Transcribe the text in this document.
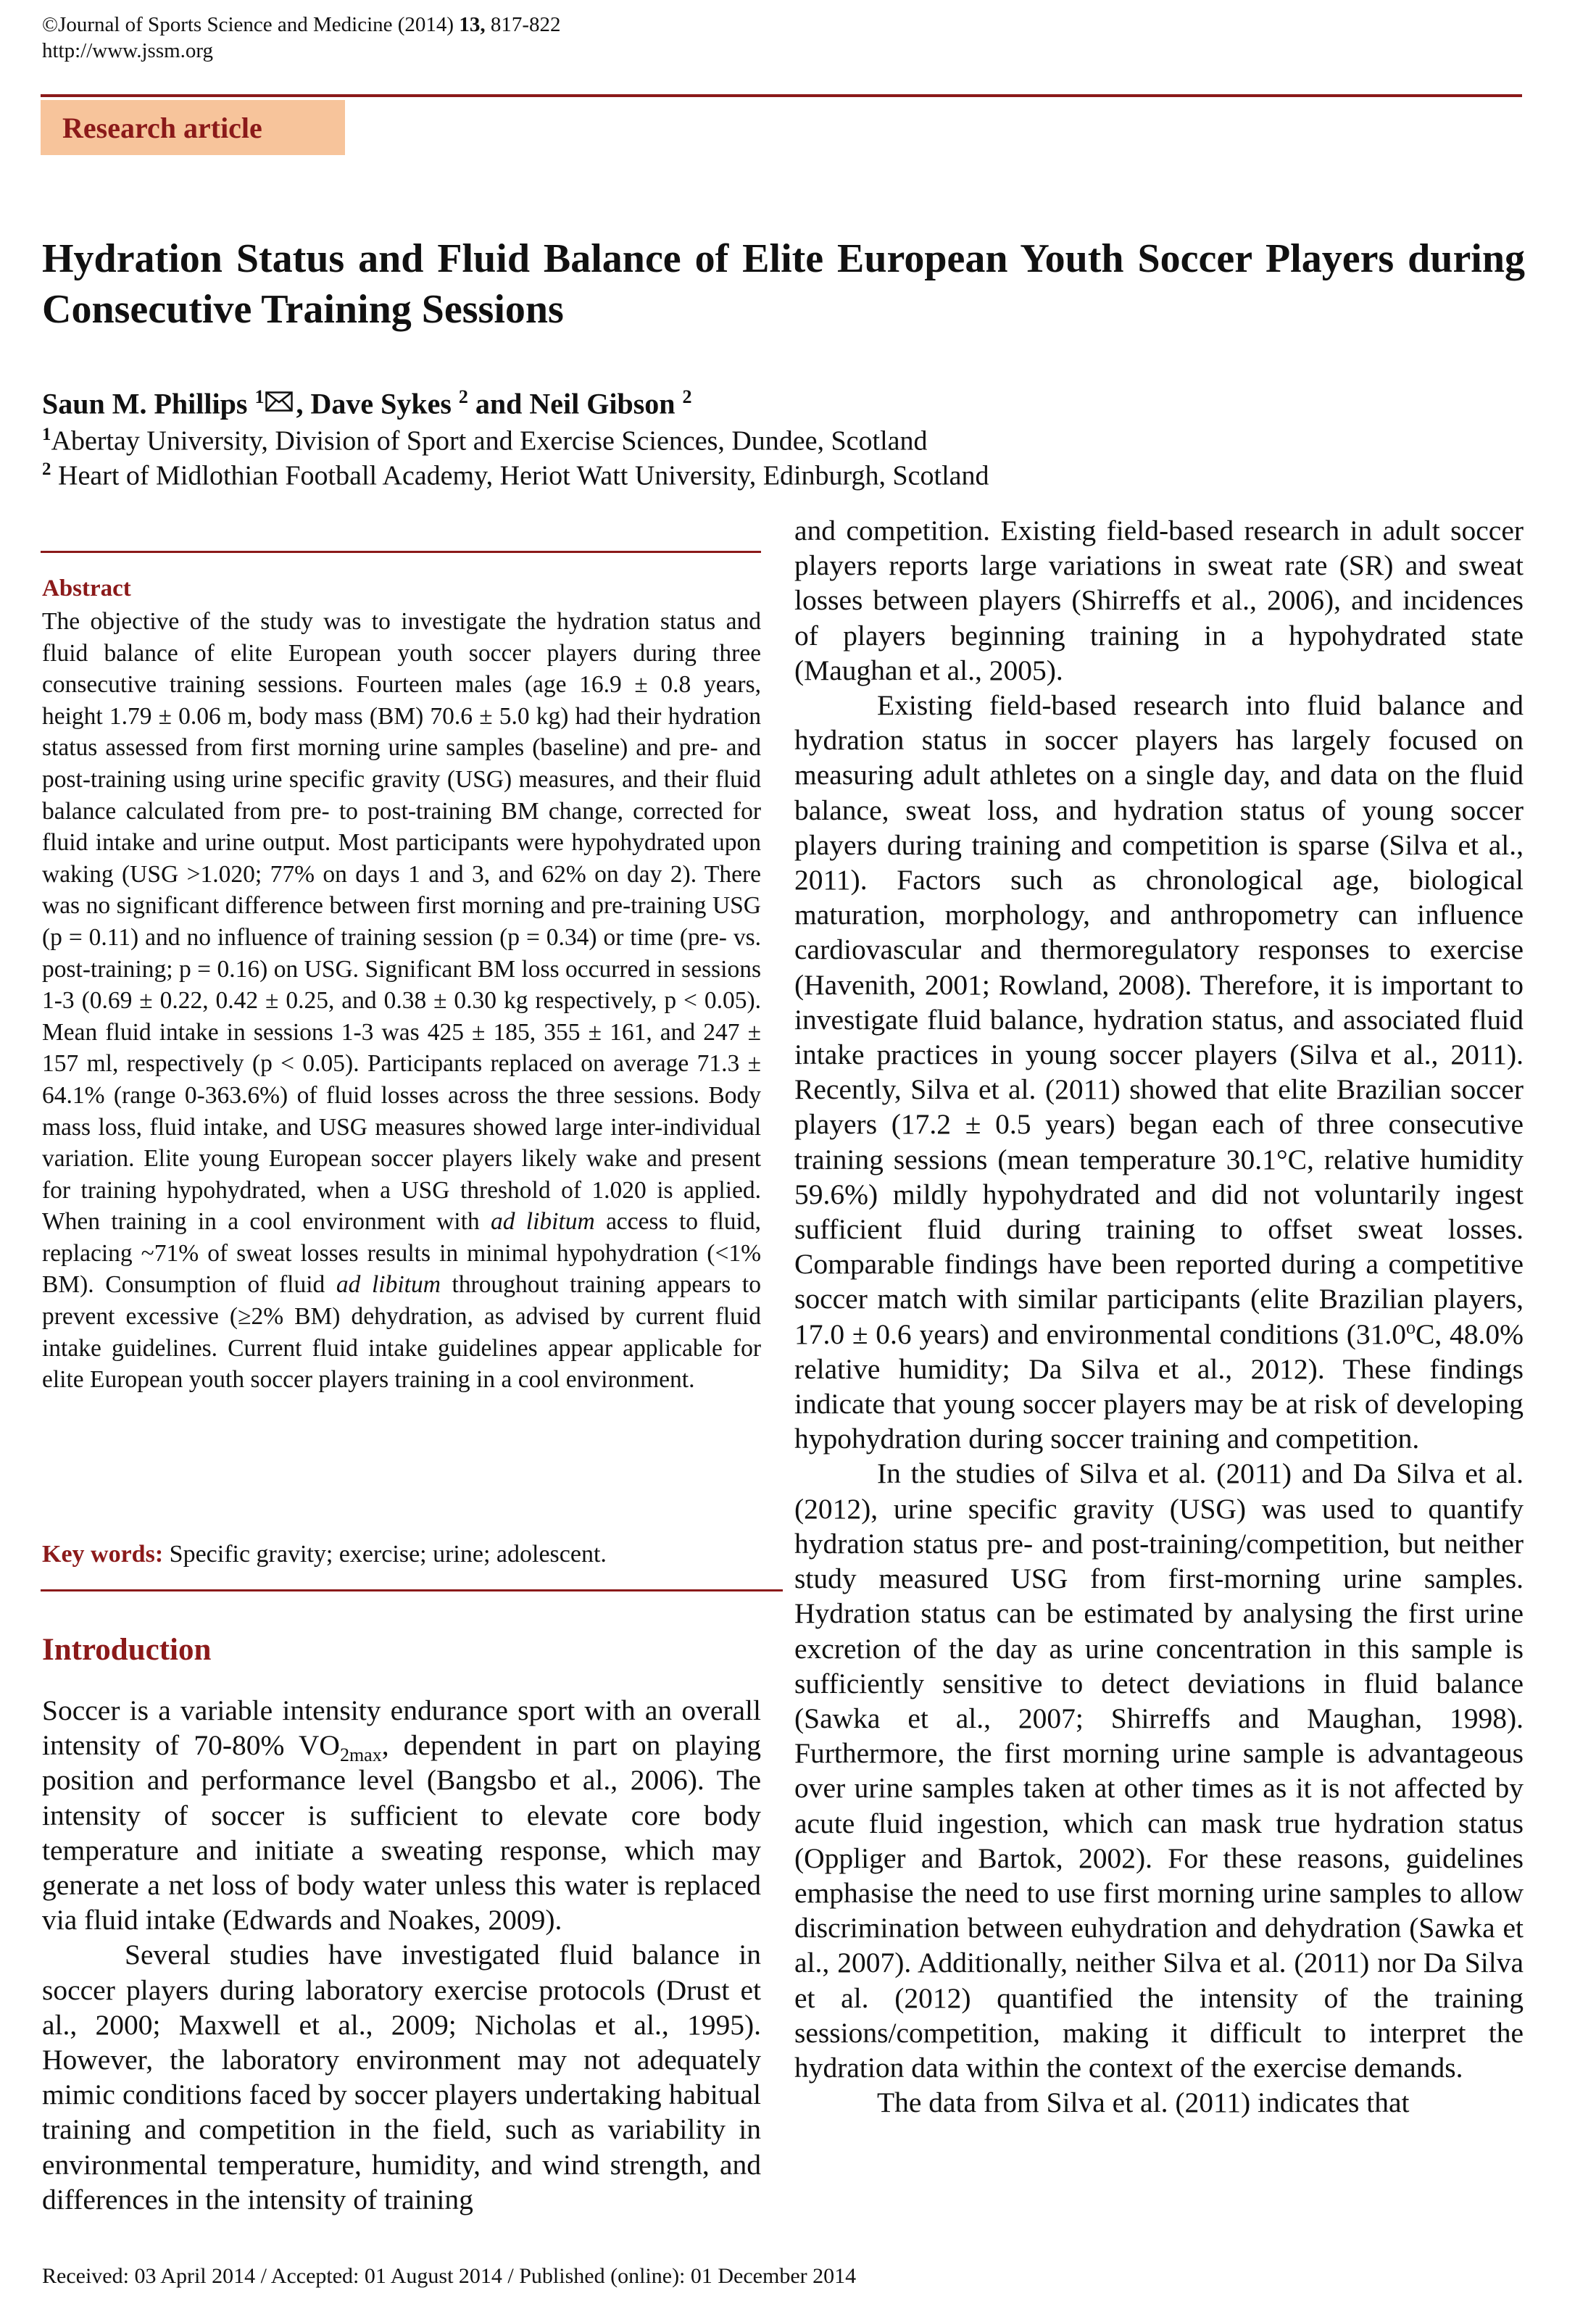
©Journal of Sports Science and Medicine (2014) 13, 817-822
http://www.jssm.org
Research article
Hydration Status and Fluid Balance of Elite European Youth Soccer Players during Consecutive Training Sessions
Saun M. Phillips $^1$ , Dave Sykes $^2$ and Neil Gibson $^2$
$^1$Abertay University, Division of Sport and Exercise Sciences, Dundee, Scotland
$^2$ Heart of Midlothian Football Academy, Heriot Watt University, Edinburgh, Scotland
Abstract

The objective of the study was to investigate the hydration status and fluid balance of elite European youth soccer players during three consecutive training sessions. Fourteen males (age 16.9 ± 0.8 years, height 1.79 ± 0.06 m, body mass (BM) 70.6 ± 5.0 kg) had their hydration status assessed from first morning urine samples (baseline) and pre- and post-training using urine specific gravity (USG) measures, and their fluid balance calculated from pre- to post-training BM change, corrected for fluid intake and urine output. Most participants were hypohydrated upon waking (USG >1.020; 77% on days 1 and 3, and 62% on day 2). There was no significant difference between first morning and pre-training USG (p = 0.11) and no influence of training session (p = 0.34) or time (pre- vs. post-training; p = 0.16) on USG. Significant BM loss occurred in sessions 1-3 (0.69 ± 0.22, 0.42 ± 0.25, and 0.38 ± 0.30 kg respectively, p < 0.05). Mean fluid intake in sessions 1-3 was 425 ± 185, 355 ± 161, and 247 ± 157 ml, respectively (p < 0.05). Participants replaced on average 71.3 ± 64.1% (range 0-363.6%) of fluid losses across the three sessions. Body mass loss, fluid intake, and USG measures showed large inter-individual variation. Elite young European soccer players likely wake and present for training hypohydrated, when a USG threshold of 1.020 is applied. When training in a cool environment with ad libitum access to fluid, replacing ~71% of sweat losses results in minimal hypohydration (<1% BM). Consumption of fluid ad libitum throughout training appears to prevent excessive (≥2% BM) dehydration, as advised by current fluid intake guidelines. Current fluid intake guidelines appear applicable for elite European youth soccer players training in a cool environment.

Key words: Specific gravity; exercise; urine; adolescent.
Introduction

Soccer is a variable intensity endurance sport with an overall intensity of 70-80% $VO_{2max}$, dependent in part on playing position and performance level (Bangsbo et al., 2006). The intensity of soccer is sufficient to elevate core body temperature and initiate a sweating response, which may generate a net loss of body water unless this water is replaced via fluid intake (Edwards and Noakes, 2009).

Several studies have investigated fluid balance in soccer players during laboratory exercise protocols (Drust et al., 2000; Maxwell et al., 2009; Nicholas et al., 1995). However, the laboratory environment may not adequately mimic conditions faced by soccer players undertaking habitual training and competition in the field, such as variability in environmental temperature, humidity, and wind strength, and differences in the intensity of training

and competition. Existing field-based research in adult soccer players reports large variations in sweat rate (SR) and sweat losses between players (Shirreffs et al., 2006), and incidences of players beginning training in a hypohydrated state (Maughan et al., 2005).

Existing field-based research into fluid balance and hydration status in soccer players has largely focused on measuring adult athletes on a single day, and data on the fluid balance, sweat loss, and hydration status of young soccer players during training and competition is sparse (Silva et al., 2011). Factors such as chronological age, biological maturation, morphology, and anthropometry can influence cardiovascular and thermoregulatory responses to exercise (Havenith, 2001; Rowland, 2008). Therefore, it is important to investigate fluid balance, hydration status, and associated fluid intake practices in young soccer players (Silva et al., 2011). Recently, Silva et al. (2011) showed that elite Brazilian soccer players (17.2 ± 0.5 years) began each of three consecutive training sessions (mean temperature 30.1°C, relative humidity 59.6%) mildly hypohydrated and did not voluntarily ingest sufficient fluid during training to offset sweat losses. Comparable findings have been reported during a competitive soccer match with similar participants (elite Brazilian players, 17.0 ± 0.6 years) and environmental conditions (31.0$^o$C, 48.0% relative humidity; Da Silva et al., 2012). These findings indicate that young soccer players may be at risk of developing hypohydration during soccer training and competition.

In the studies of Silva et al. (2011) and Da Silva et al. (2012), urine specific gravity (USG) was used to quantify hydration status pre- and post-training/competition, but neither study measured USG from first-morning urine samples. Hydration status can be estimated by analysing the first urine excretion of the day as urine concentration in this sample is sufficiently sensitive to detect deviations in fluid balance (Sawka et al., 2007; Shirreffs and Maughan, 1998). Furthermore, the first morning urine sample is advantageous over urine samples taken at other times as it is not affected by acute fluid ingestion, which can mask true hydration status (Oppliger and Bartok, 2002). For these reasons, guidelines emphasise the need to use first morning urine samples to allow discrimination between euhydration and dehydration (Sawka et al., 2007). Additionally, neither Silva et al. (2011) nor Da Silva et al. (2012) quantified the intensity of the training sessions/competition, making it difficult to interpret the hydration data within the context of the exercise demands.

The data from Silva et al. (2011) indicates that

Received: 03 April 2014 / Accepted: 01 August 2014 / Published (online): 01 December 2014
